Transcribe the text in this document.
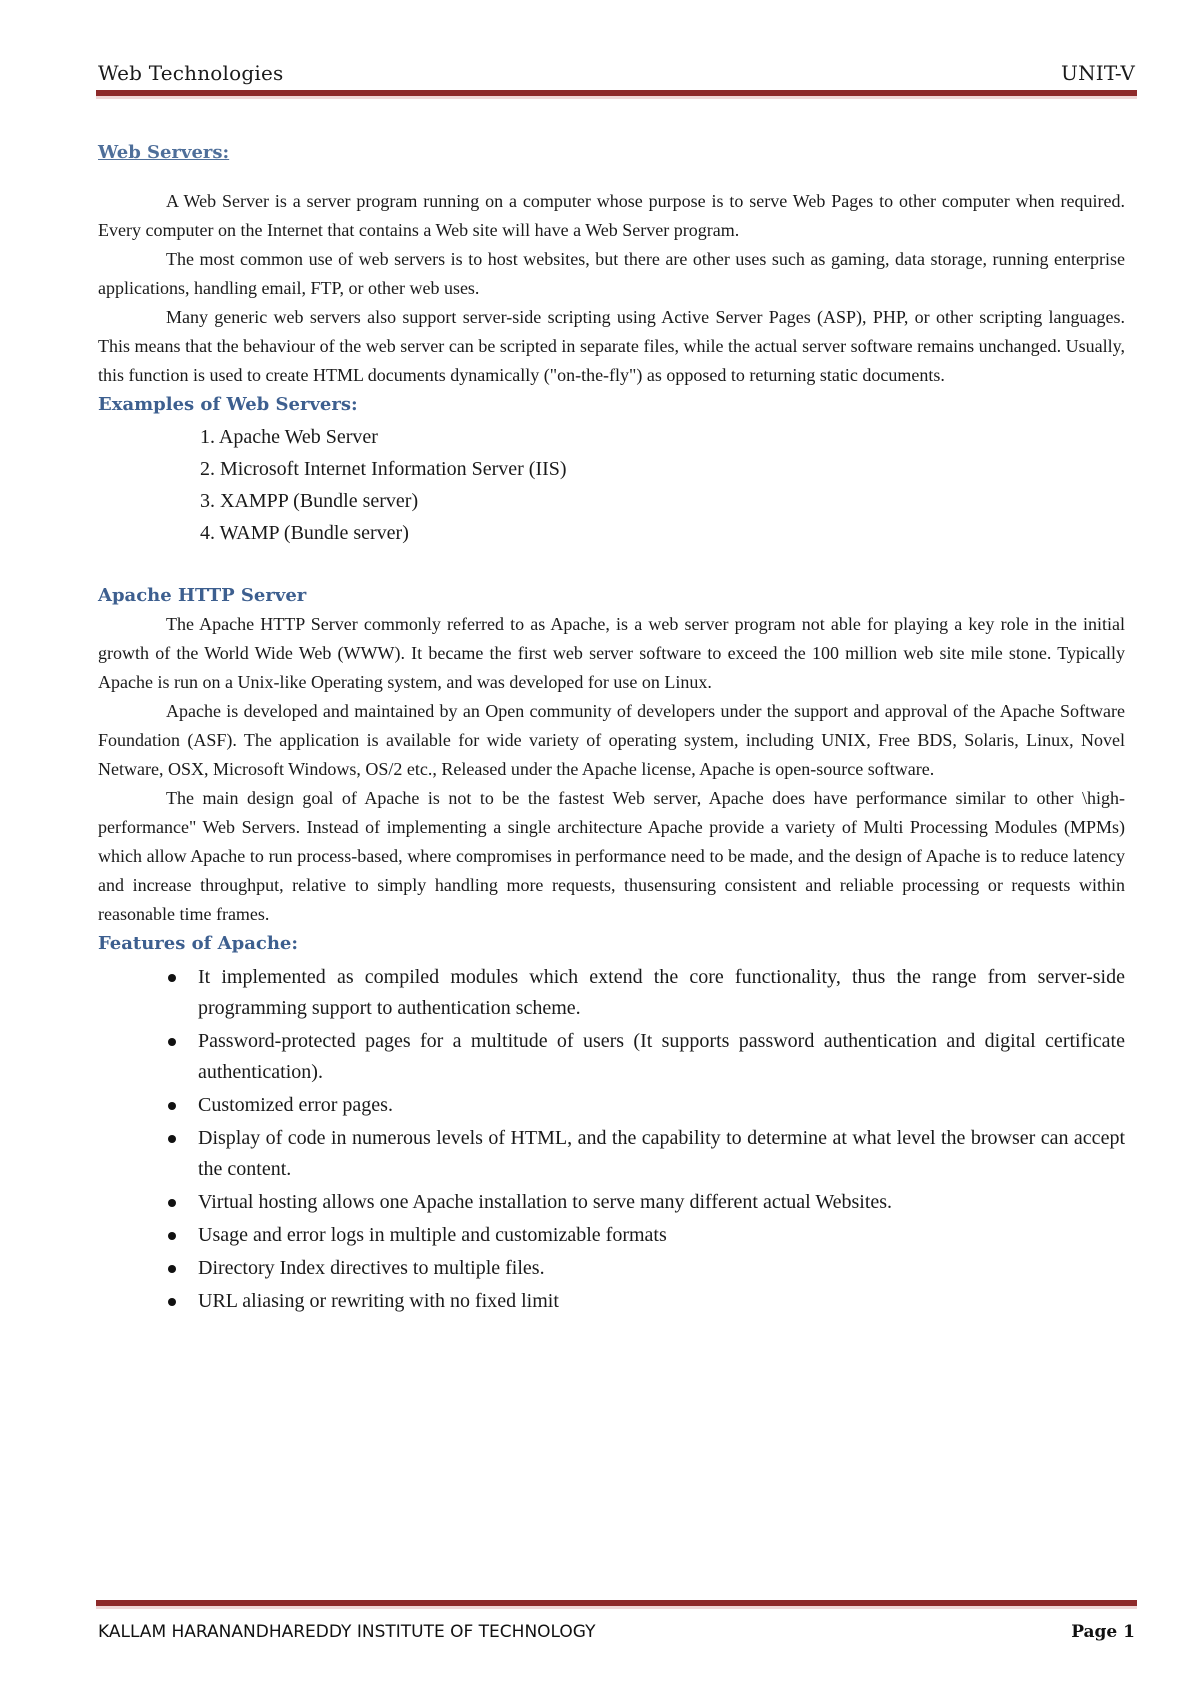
Web Technologies	UNIT-V
Web Servers:

A Web Server is a server program running on a computer whose purpose is to serve Web Pages to other computer when required. Every computer on the Internet that contains a Web site will have a Web Server program.

The most common use of web servers is to host websites, but there are other uses such as gaming, data storage, running enterprise applications, handling email, FTP, or other web uses.

Many generic web servers also support server-side scripting using Active Server Pages (ASP), PHP, or other scripting languages. This means that the behaviour of the web server can be scripted in separate files, while the actual server software remains unchanged. Usually, this function is used to create HTML documents dynamically ("on-the-fly") as opposed to returning static documents.

Examples of Web Servers:
1. Apache Web Server
2. Microsoft Internet Information Server (IIS)
3. XAMPP (Bundle server)
4. WAMP (Bundle server)
Apache HTTP Server

The Apache HTTP Server commonly referred to as Apache, is a web server program not able for playing a key role in the initial growth of the World Wide Web (WWW). It became the first web server software to exceed the 100 million web site mile stone. Typically Apache is run on a Unix-like Operating system, and was developed for use on Linux.

Apache is developed and maintained by an Open community of developers under the support and approval of the Apache Software Foundation (ASF). The application is available for wide variety of operating system, including UNIX, Free BDS, Solaris, Linux, Novel Netware, OSX, Microsoft Windows, OS/2 etc., Released under the Apache license, Apache is open-source software.

The main design goal of Apache is not to be the fastest Web server, Apache does have performance similar to other \high-performance" Web Servers. Instead of implementing a single architecture Apache provide a variety of Multi Processing Modules (MPMs) which allow Apache to run process-based, where compromises in performance need to be made, and the design of Apache is to reduce latency and increase throughput, relative to simply handling more requests, thusensuring consistent and reliable processing or requests within reasonable time frames.

Features of Apache:
It implemented as compiled modules which extend the core functionality, thus the range from server-side programming support to authentication scheme.
Password-protected pages for a multitude of users (It supports password authentication and digital certificate authentication).
Customized error pages.
Display of code in numerous levels of HTML, and the capability to determine at what level the browser can accept the content.
Virtual hosting allows one Apache installation to serve many different actual Websites.
Usage and error logs in multiple and customizable formats
Directory Index directives to multiple files.
URL aliasing or rewriting with no fixed limit
KALLAM HARANANDHAREDDY INSTITUTE OF TECHNOLOGY	Page 1
